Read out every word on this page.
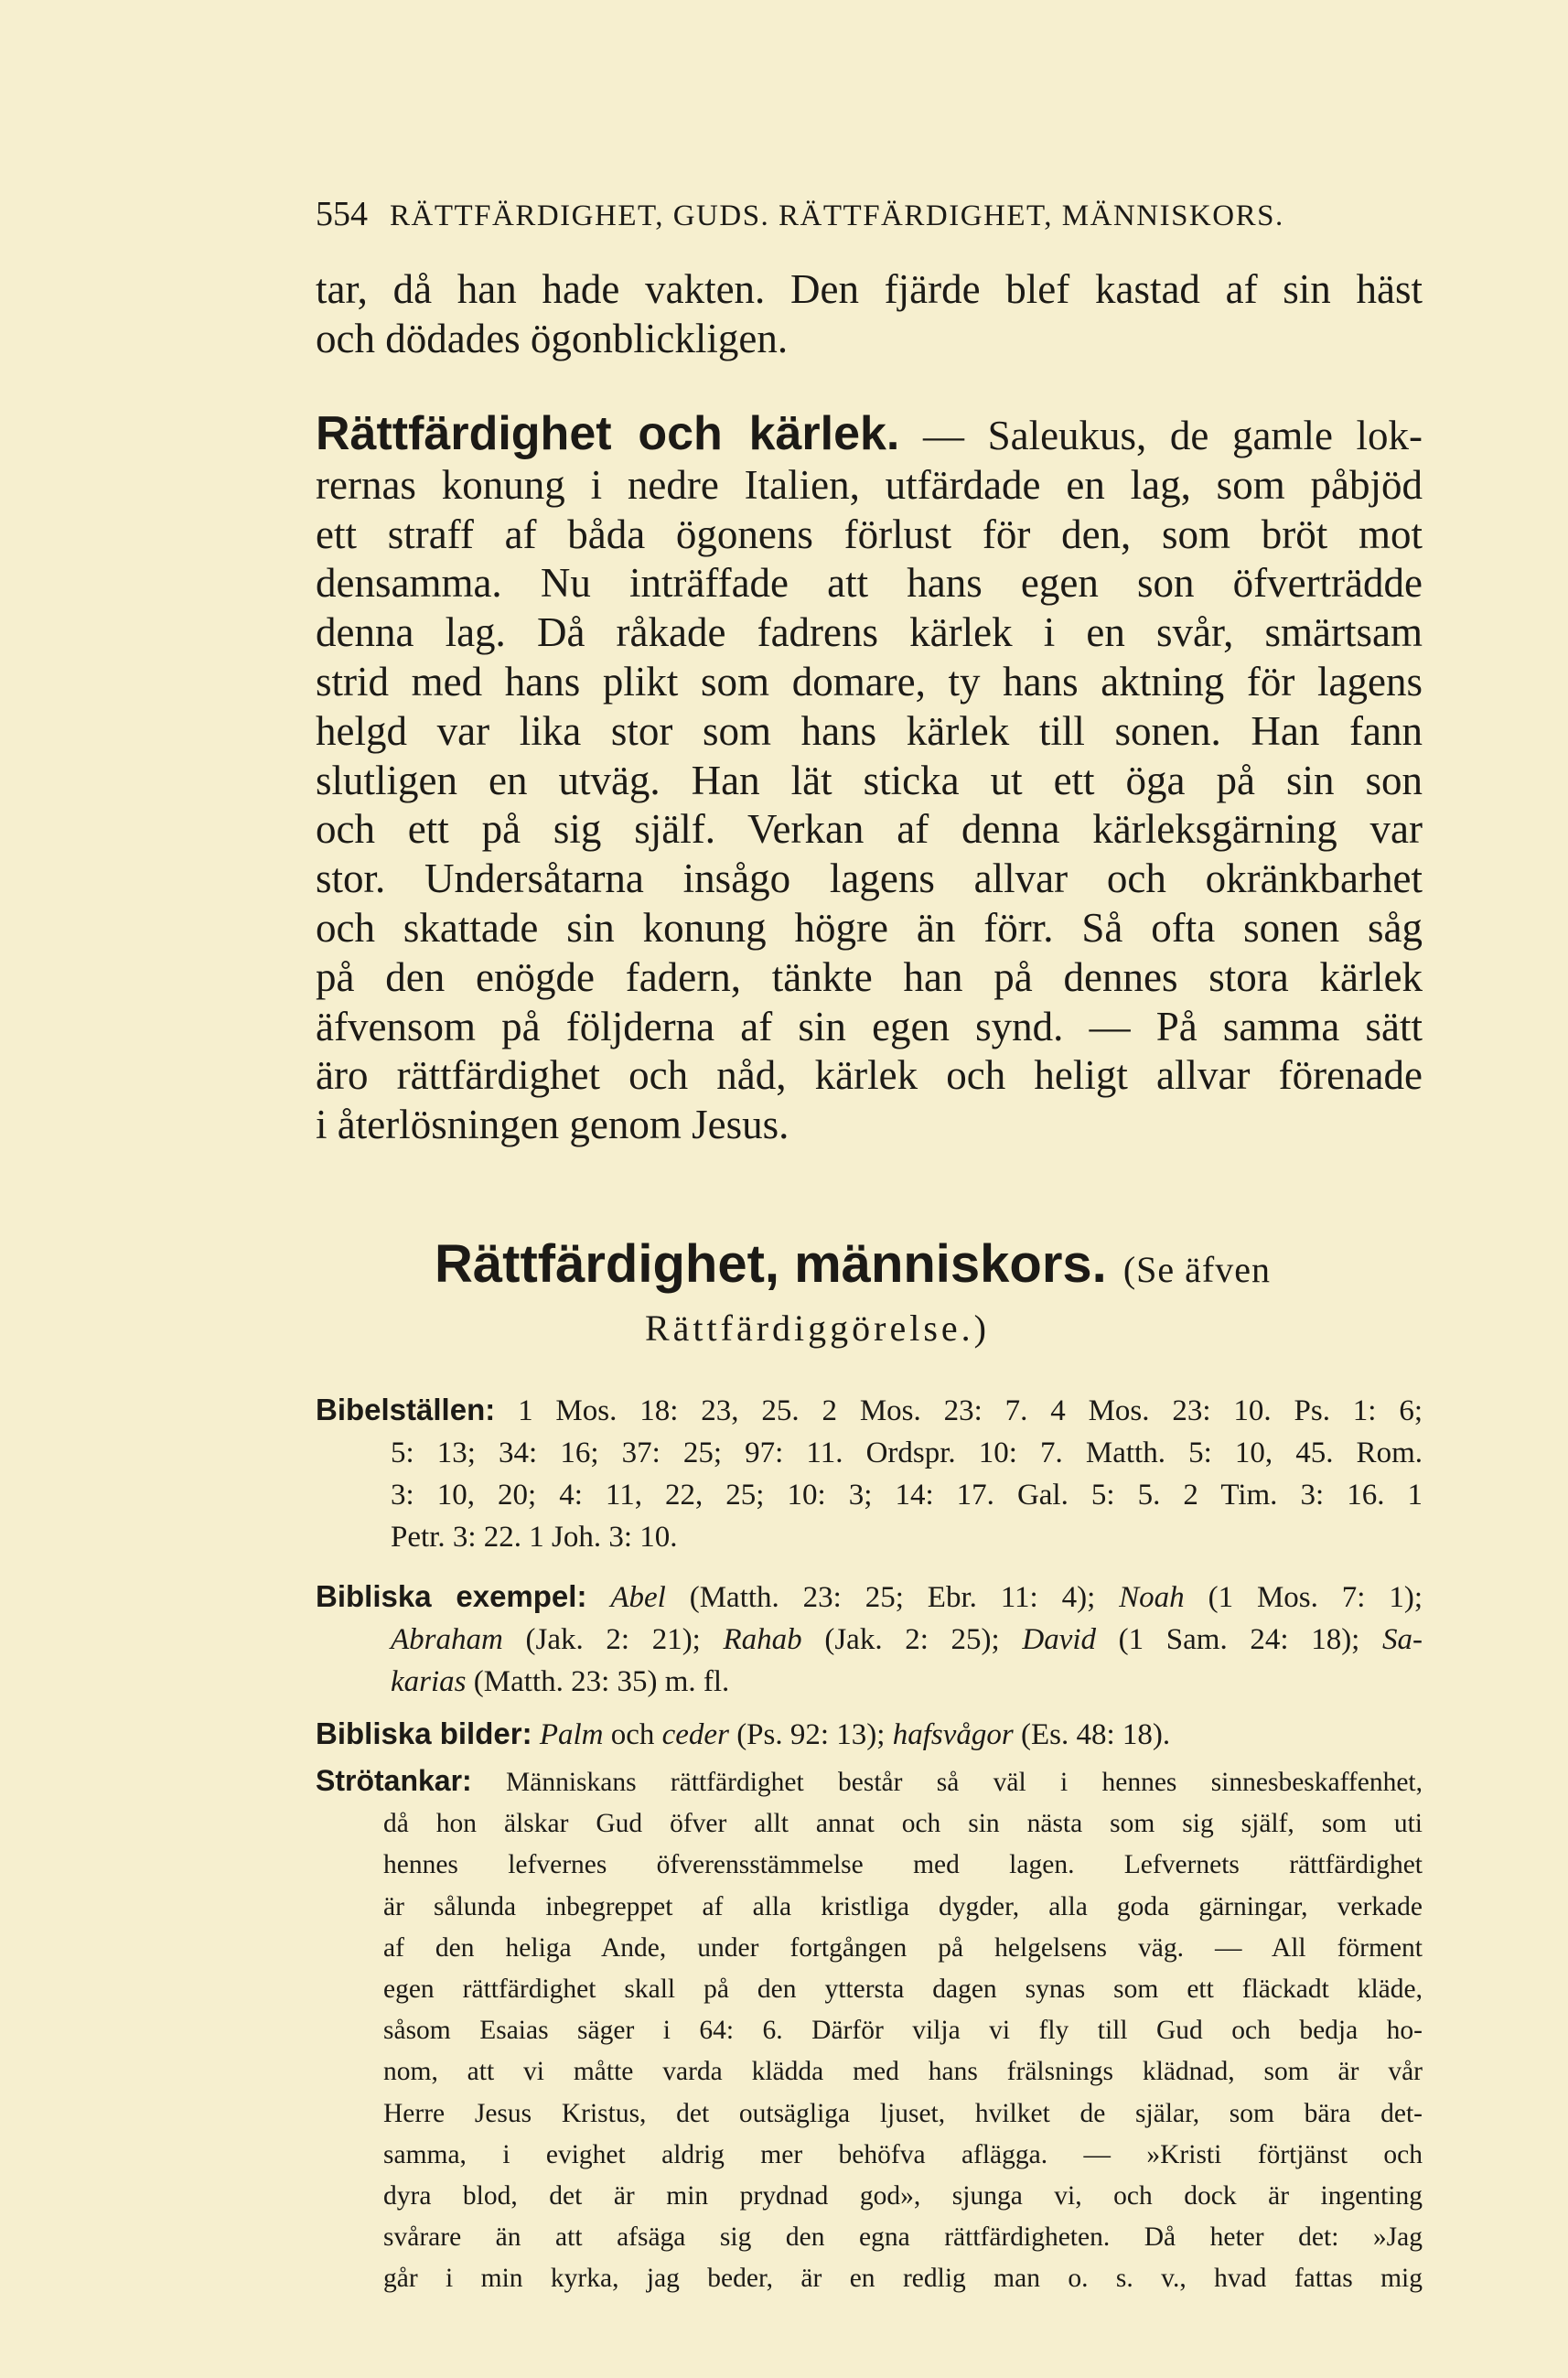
554 RÄTTFÄRDIGHET, GUDS. RÄTTFÄRDIGHET, MÄNNISKORS.
tar, då han hade vakten. Den fjärde blef kastad af sin häst
och dödades ögonblickligen.
Rättfärdighet och kärlek. — Saleukus, de gamle lok-
rernas konung i nedre Italien, utfärdade en lag, som påbjöd
ett straff af båda ögonens förlust för den, som bröt mot
densamma. Nu inträffade att hans egen son öfverträdde
denna lag. Då råkade fadrens kärlek i en svår, smärtsam
strid med hans plikt som domare, ty hans aktning för lagens
helgd var lika stor som hans kärlek till sonen. Han fann
slutligen en utväg. Han lät sticka ut ett öga på sin son
och ett på sig själf. Verkan af denna kärleksgärning var
stor. Undersåtarna insågo lagens allvar och okränkbarhet
och skattade sin konung högre än förr. Så ofta sonen såg
på den enögde fadern, tänkte han på dennes stora kärlek
äfvensom på följderna af sin egen synd. — På samma sätt
äro rättfärdighet och nåd, kärlek och heligt allvar förenade
i återlösningen genom Jesus.
Rättfärdighet, människors. (Se äfven
Rättfärdiggörelse.)
Bibelställen: 1 Mos. 18: 23, 25. 2 Mos. 23: 7. 4 Mos. 23: 10. Ps. 1: 6;
5: 13; 34: 16; 37: 25; 97: 11. Ordspr. 10: 7. Matth. 5: 10, 45. Rom.
3: 10, 20; 4: 11, 22, 25; 10: 3; 14: 17. Gal. 5: 5. 2 Tim. 3: 16. 1
Petr. 3: 22. 1 Joh. 3: 10.
Bibliska exempel: Abel (Matth. 23: 25; Ebr. 11: 4); Noah (1 Mos. 7: 1);
Abraham (Jak. 2: 21); Rahab (Jak. 2: 25); David (1 Sam. 24: 18); Sa-
karias (Matth. 23: 35) m. fl.
Bibliska bilder: Palm och ceder (Ps. 92: 13); hafsvågor (Es. 48: 18).
Strötankar: Människans rättfärdighet består så väl i hennes sinnesbeskaffenhet,
då hon älskar Gud öfver allt annat och sin nästa som sig själf, som uti
hennes lefvernes öfverensstämmelse med lagen. Lefvernets rättfärdighet
är sålunda inbegreppet af alla kristliga dygder, alla goda gärningar, verkade
af den heliga Ande, under fortgången på helgelsens väg. — All förment
egen rättfärdighet skall på den yttersta dagen synas som ett fläckadt kläde,
såsom Esaias säger i 64: 6. Därför vilja vi fly till Gud och bedja ho-
nom, att vi måtte varda klädda med hans frälsnings klädnad, som är vår
Herre Jesus Kristus, det outsägliga ljuset, hvilket de själar, som bära det-
samma, i evighet aldrig mer behöfva aflägga. — »Kristi förtjänst och
dyra blod, det är min prydnad god», sjunga vi, och dock är ingenting
svårare än att afsäga sig den egna rättfärdigheten. Då heter det: »Jag
går i min kyrka, jag beder, är en redlig man o. s. v., hvad fattas mig
